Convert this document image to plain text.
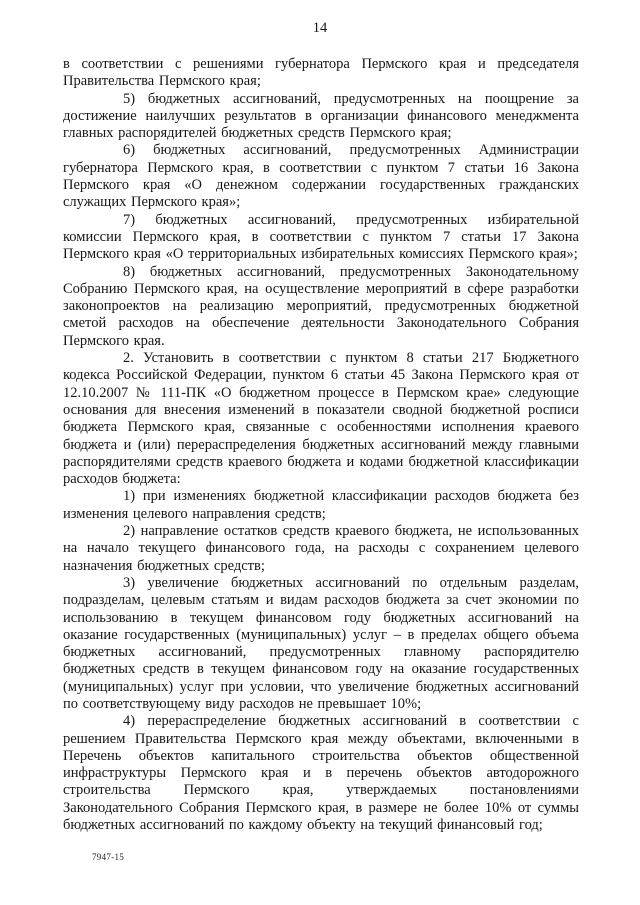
14

в соответствии с решениями губернатора Пермского края и председателя Правительства Пермского края;

5) бюджетных ассигнований, предусмотренных на поощрение за достижение наилучших результатов в организации финансового менеджмента главных распорядителей бюджетных средств Пермского края;

6) бюджетных ассигнований, предусмотренных Администрации губернатора Пермского края, в соответствии с пунктом 7 статьи 16 Закона Пермского края «О денежном содержании государственных гражданских служащих Пермского края»;

7) бюджетных ассигнований, предусмотренных избирательной комиссии Пермского края, в соответствии с пунктом 7 статьи 17 Закона Пермского края «О территориальных избирательных комиссиях Пермского края»;

8) бюджетных ассигнований, предусмотренных Законодательному Собранию Пермского края, на осуществление мероприятий в сфере разработки законопроектов на реализацию мероприятий, предусмотренных бюджетной сметой расходов на обеспечение деятельности Законодательного Собрания Пермского края.

2. Установить в соответствии с пунктом 8 статьи 217 Бюджетного кодекса Российской Федерации, пунктом 6 статьи 45 Закона Пермского края от 12.10.2007 № 111-ПК «О бюджетном процессе в Пермском крае» следующие основания для внесения изменений в показатели сводной бюджетной росписи бюджета Пермского края, связанные с особенностями исполнения краевого бюджета и (или) перераспределения бюджетных ассигнований между главными распорядителями средств краевого бюджета и кодами бюджетной классификации расходов бюджета:

1) при изменениях бюджетной классификации расходов бюджета без изменения целевого направления средств;

2) направление остатков средств краевого бюджета, не использованных на начало текущего финансового года, на расходы с сохранением целевого назначения бюджетных средств;

3) увеличение бюджетных ассигнований по отдельным разделам, подразделам, целевым статьям и видам расходов бюджета за счет экономии по использованию в текущем финансовом году бюджетных ассигнований на оказание государственных (муниципальных) услуг – в пределах общего объема бюджетных ассигнований, предусмотренных главному распорядителю бюджетных средств в текущем финансовом году на оказание государственных (муниципальных) услуг при условии, что увеличение бюджетных ассигнований по соответствующему виду расходов не превышает 10%;

4) перераспределение бюджетных ассигнований в соответствии с решением Правительства Пермского края между объектами, включенными в Перечень объектов капитального строительства объектов общественной инфраструктуры Пермского края и в перечень объектов автодорожного строительства Пермского края, утверждаемых постановлениями Законодательного Собрания Пермского края, в размере не более 10% от суммы бюджетных ассигнований по каждому объекту на текущий финансовый год;

7947-15
